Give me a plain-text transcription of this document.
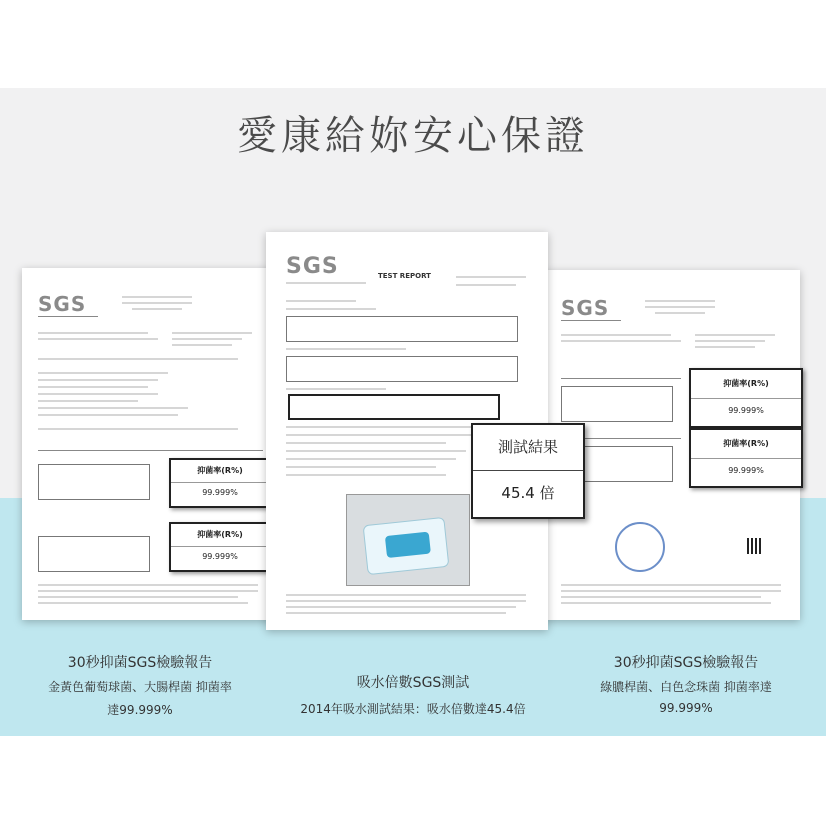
愛康給妳安心保證
SGS
抑菌率(R%)
99.999%
抑菌率(R%)
99.999%
SGS
抑菌率(R%)
99.999%
抑菌率(R%)
99.999%
SGS	TEST REPORT
測試結果
45.4 倍
30秒抑菌SGS檢驗報告
金黃色葡萄球菌、大腸桿菌 抑菌率
達99.999%
吸水倍數SGS測試
2014年吸水測試結果：吸水倍數達45.4倍
30秒抑菌SGS檢驗報告
綠膿桿菌、白色念珠菌 抑菌率達
99.999%
